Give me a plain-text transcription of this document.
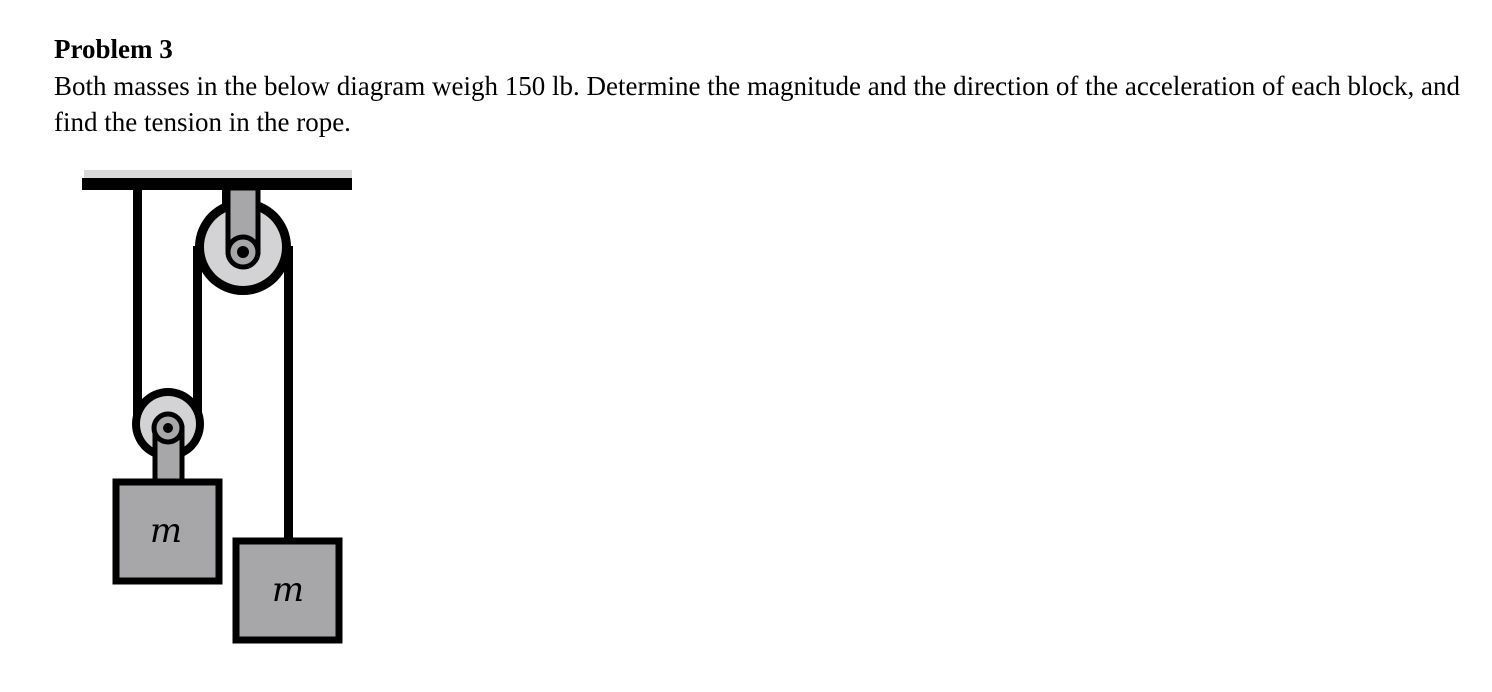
Problem 3

Both masses in the below diagram weigh 150 lb. Determine the magnitude and the direction of the acceleration of each block, and find the tension in the rope.

m
m
